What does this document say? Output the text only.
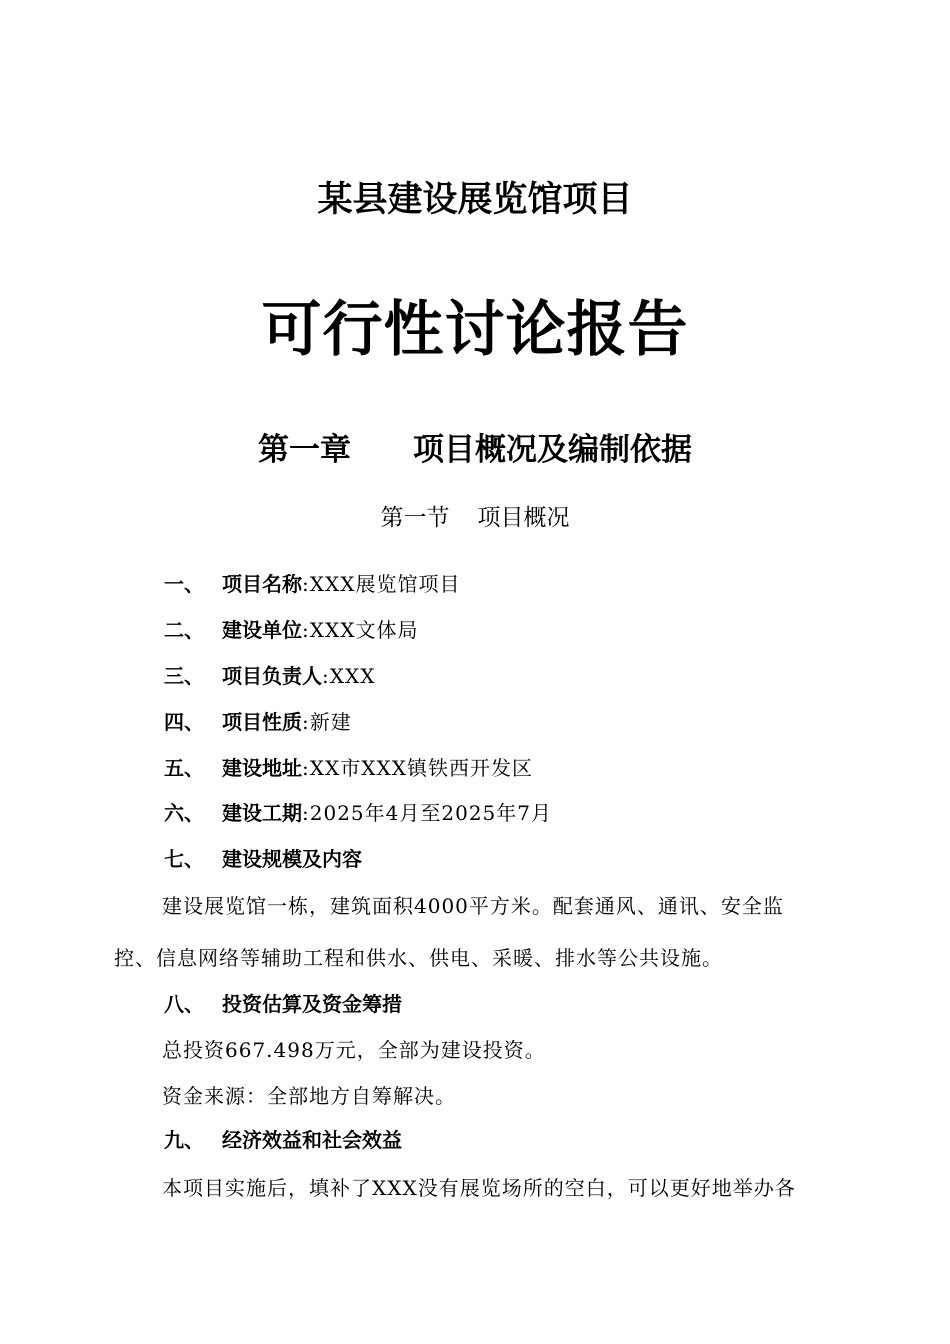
某县建设展览馆项目
可行性讨论报告
第一章 项目概况及编制依据
第一节 项目概况
一、 项目名称:XXX展览馆项目
二、 建设单位:XXX文体局
三、 项目负责人:XXX
四、 项目性质:新建
五、 建设地址:XX市XXX镇铁西开发区
六、 建设工期:2025年4月至2025年7月
七、 建设规模及内容
建设展览馆一栋，建筑面积4000平方米。配套通风、通讯、安全监
控、信息网络等辅助工程和供水、供电、采暖、排水等公共设施。
八、 投资估算及资金筹措
总投资667.498万元，全部为建设投资。
资金来源：全部地方自筹解决。
九、 经济效益和社会效益
本项目实施后，填补了XXX没有展览场所的空白，可以更好地举办各
